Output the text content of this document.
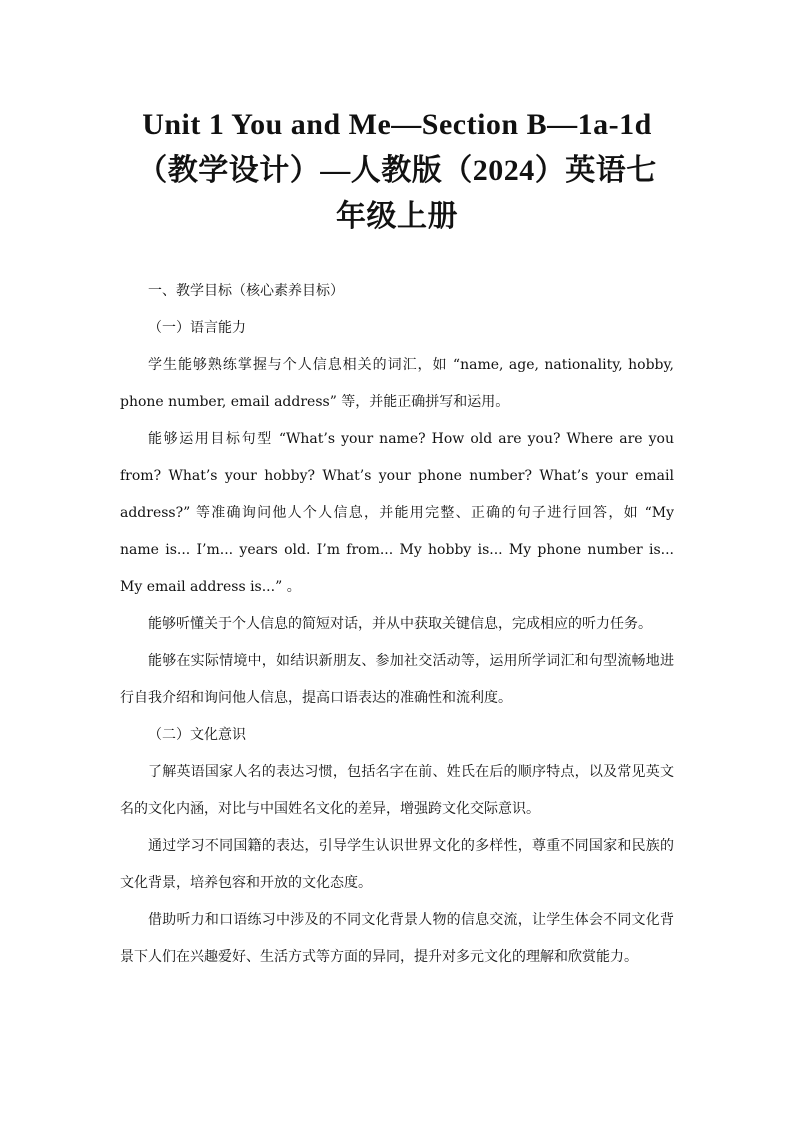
Unit 1 You and Me—Section B—1a-1d
（教学设计）—人教版（2024）英语七
年级上册

一、教学目标（核心素养目标）

（一）语言能力

学生能够熟练掌握与个人信息相关的词汇，如 “name, age, nationality, hobby, phone number, email address” 等，并能正确拼写和运用。

能够运用目标句型 “What’s your name? How old are you? Where are you from? What’s your hobby? What’s your phone number? What’s your email address?” 等准确询问他人个人信息，并能用完整、正确的句子进行回答，如 “My name is... I’m... years old. I’m from... My hobby is... My phone number is... My email address is...” 。

能够听懂关于个人信息的简短对话，并从中获取关键信息，完成相应的听力任务。

能够在实际情境中，如结识新朋友、参加社交活动等，运用所学词汇和句型流畅地进行自我介绍和询问他人信息，提高口语表达的准确性和流利度。

（二）文化意识

了解英语国家人名的表达习惯，包括名字在前、姓氏在后的顺序特点，以及常见英文名的文化内涵，对比与中国姓名文化的差异，增强跨文化交际意识。

通过学习不同国籍的表达，引导学生认识世界文化的多样性，尊重不同国家和民族的文化背景，培养包容和开放的文化态度。

借助听力和口语练习中涉及的不同文化背景人物的信息交流，让学生体会不同文化背景下人们在兴趣爱好、生活方式等方面的异同，提升对多元文化的理解和欣赏能力。
